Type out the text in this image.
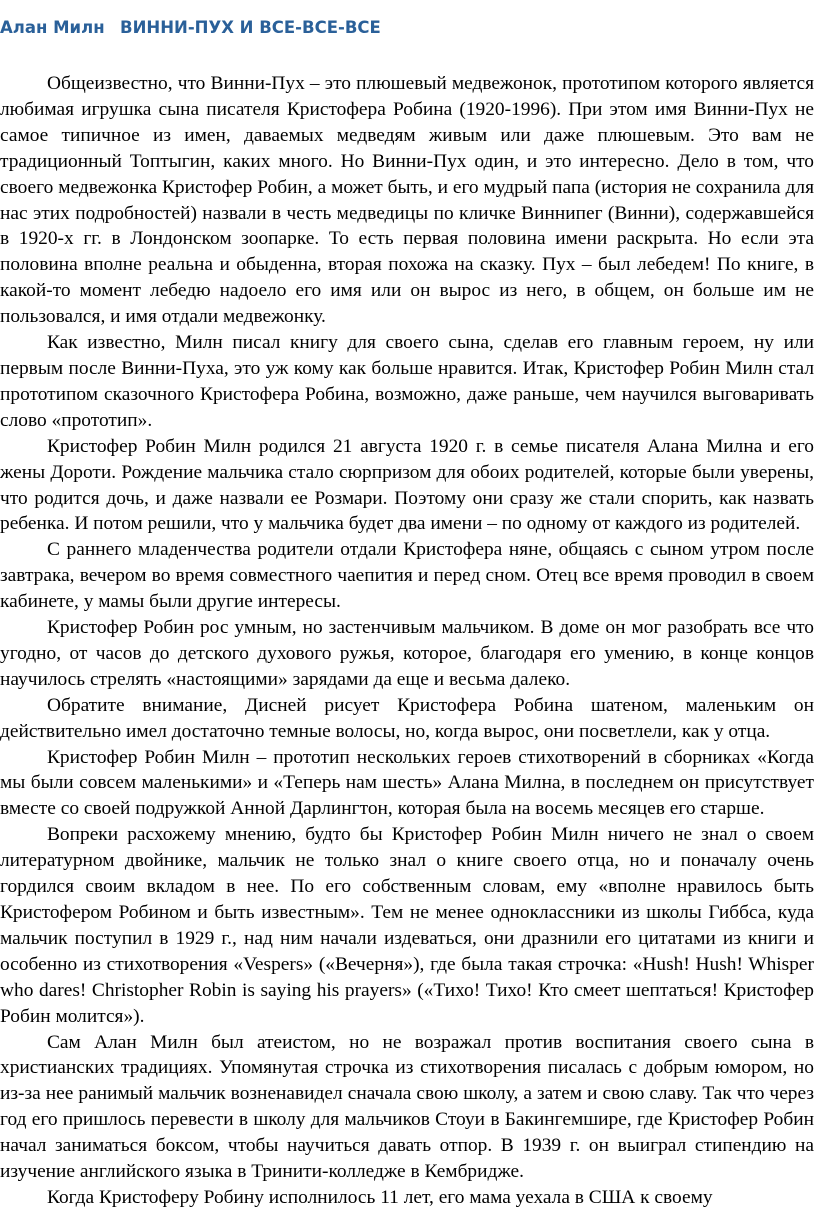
Алан Милн ВИННИ-ПУХ И ВСЕ-ВСЕ-ВСЕ

Общеизвестно, что Винни-Пух – это плюшевый медвежонок, прототипом которого является любимая игрушка сына писателя Кристофера Робина (1920-1996). При этом имя Винни-Пух не самое типичное из имен, даваемых медведям живым или даже плюшевым. Это вам не традиционный Топтыгин, каких много. Но Винни-Пух один, и это интересно. Дело в том, что своего медвежонка Кристофер Робин, а может быть, и его мудрый папа (история не сохранила для нас этих подробностей) назвали в честь медведицы по кличке Виннипег (Винни), содержавшейся в 1920-х гг. в Лондонском зоопарке. То есть первая половина имени раскрыта. Но если эта половина вполне реальна и обыденна, вторая похожа на сказку. Пух – был лебедем! По книге, в какой-то момент лебедю надоело его имя или он вырос из него, в общем, он больше им не пользовался, и имя отдали медвежонку.

Как известно, Милн писал книгу для своего сына, сделав его главным героем, ну или первым после Винни-Пуха, это уж кому как больше нравится. Итак, Кристофер Робин Милн стал прототипом сказочного Кристофера Робина, возможно, даже раньше, чем научился выговаривать слово «прототип».

Кристофер Робин Милн родился 21 августа 1920 г. в семье писателя Алана Милна и его жены Дороти. Рождение мальчика стало сюрпризом для обоих родителей, которые были уверены, что родится дочь, и даже назвали ее Розмари. Поэтому они сразу же стали спорить, как назвать ребенка. И потом решили, что у мальчика будет два имени – по одному от каждого из родителей.

С раннего младенчества родители отдали Кристофера няне, общаясь с сыном утром после завтрака, вечером во время совместного чаепития и перед сном. Отец все время проводил в своем кабинете, у мамы были другие интересы.

Кристофер Робин рос умным, но застенчивым мальчиком. В доме он мог разобрать все что угодно, от часов до детского духового ружья, которое, благодаря его умению, в конце концов научилось стрелять «настоящими» зарядами да еще и весьма далеко.

Обратите внимание, Дисней рисует Кристофера Робина шатеном, маленьким он действительно имел достаточно темные волосы, но, когда вырос, они посветлели, как у отца.

Кристофер Робин Милн – прототип нескольких героев стихотворений в сборниках «Когда мы были совсем маленькими» и «Теперь нам шесть» Алана Милна, в последнем он присутствует вместе со своей подружкой Анной Дарлингтон, которая была на восемь месяцев его старше.

Вопреки расхожему мнению, будто бы Кристофер Робин Милн ничего не знал о своем литературном двойнике, мальчик не только знал о книге своего отца, но и поначалу очень гордился своим вкладом в нее. По его собственным словам, ему «вполне нравилось быть Кристофером Робином и быть известным». Тем не менее одноклассники из школы Гиббса, куда мальчик поступил в 1929 г., над ним начали издеваться, они дразнили его цитатами из книги и особенно из стихотворения «Vespers» («Вечерня»), где была такая строчка: «Hush! Hush! Whisper who dares! Christopher Robin is saying his prayers» («Тихо! Тихо! Кто смеет шептаться! Кристофер Робин молится»).

Сам Алан Милн был атеистом, но не возражал против воспитания своего сына в христианских традициях. Упомянутая строчка из стихотворения писалась с добрым юмором, но из-за нее ранимый мальчик возненавидел сначала свою школу, а затем и свою славу. Так что через год его пришлось перевести в школу для мальчиков Стоуи в Бакингемшире, где Кристофер Робин начал заниматься боксом, чтобы научиться давать отпор. В 1939 г. он выиграл стипендию на изучение английского языка в Тринити-колледже в Кембридже.

Когда Кристоферу Робину исполнилось 11 лет, его мама уехала в США к своему
